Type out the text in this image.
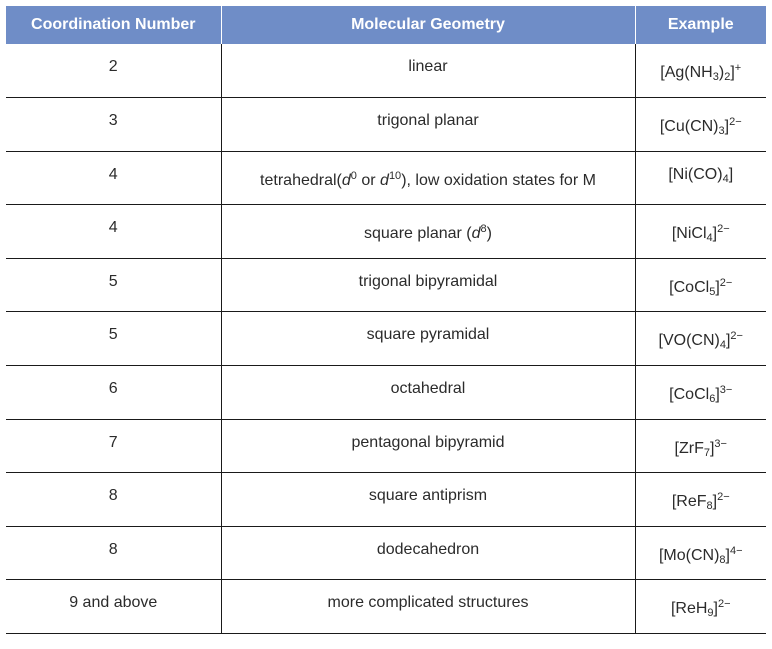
Coordination Number	Molecular Geometry	Example
2	linear	$[Ag(NH_3)_2]^+$
3	trigonal planar	$[Cu(CN)_3]^{2-}$
4	$tetrahedral(d^0$ or $d^{10}$), low oxidation states for M	$[Ni(CO)_4]$
4	square planar $(d^8)$	[NiCl$_4$]$^{2-}$
5	trigonal bipyramidal	[CoCl$_5$]$^{2-}$
5	square pyramidal	$[VO(CN)_4]^{2-}$
6	octahedral	[CoCl$_6$]$^{3-}$
7	pentagonal bipyramid	$[ZrF_7]^{3-}$
8	square antiprism	$[ReF_8]^{2-}$
8	dodecahedron	$[Mo(CN)_8]^{4-}$
9 and above	more complicated structures	$[ReH_9]^{2-}$
